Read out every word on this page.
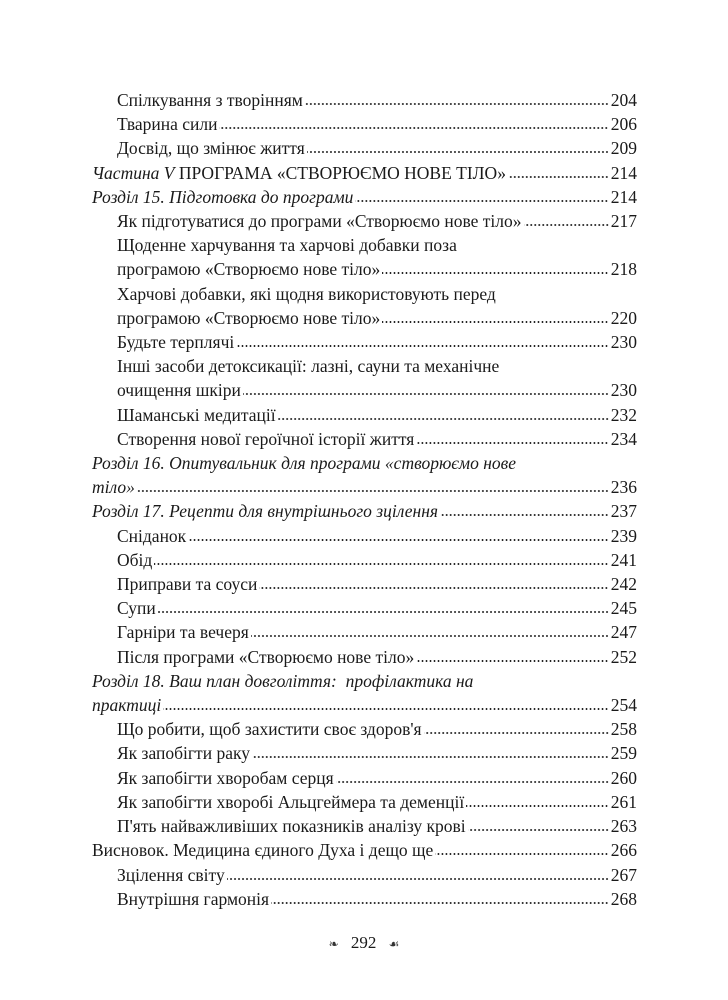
Спілкування з творінням	204
Тварина сили	206
Досвід, що змінює життя	209
Частина V ПРОГРАМА «СТВОРЮЄМО НОВЕ ТІЛО»	214
Розділ 15. Підготовка до програми	214
Як підготуватися до програми «Створюємо нове тіло»	217
Щоденне харчування та харчові добавки поза
програмою «Створюємо нове тіло»	218
Харчові добавки, які щодня використовують перед
програмою «Створюємо нове тіло»	220
Будьте терплячі	230
Інші засоби детоксикації: лазні, сауни та механічне
очищення шкіри	230
Шаманські медитації	232
Створення нової героїчної історії життя	234
Розділ 16. Опитувальник для програми «створюємо нове
тіло»	236
Розділ 17. Рецепти для внутрішнього зцілення	237
Сніданок	239
Обід	241
Приправи та соуси	242
Супи	245
Гарніри та вечеря	247
Після програми «Створюємо нове тіло»	252
Розділ 18. Ваш план довголіття:  профілактика на
практиці	254
Що робити, щоб захистити своє здоров'я	258
Як запобігти раку	259
Як запобігти хворобам серця	260
Як запобігти хворобі Альцгеймера та деменції	261
П'ять найважливіших показників аналізу крові	263
Висновок. Медицина єдиного Духа і дещо ще	266
Зцілення світу	267
Внутрішня гармонія	268
❧ 292 ☙
